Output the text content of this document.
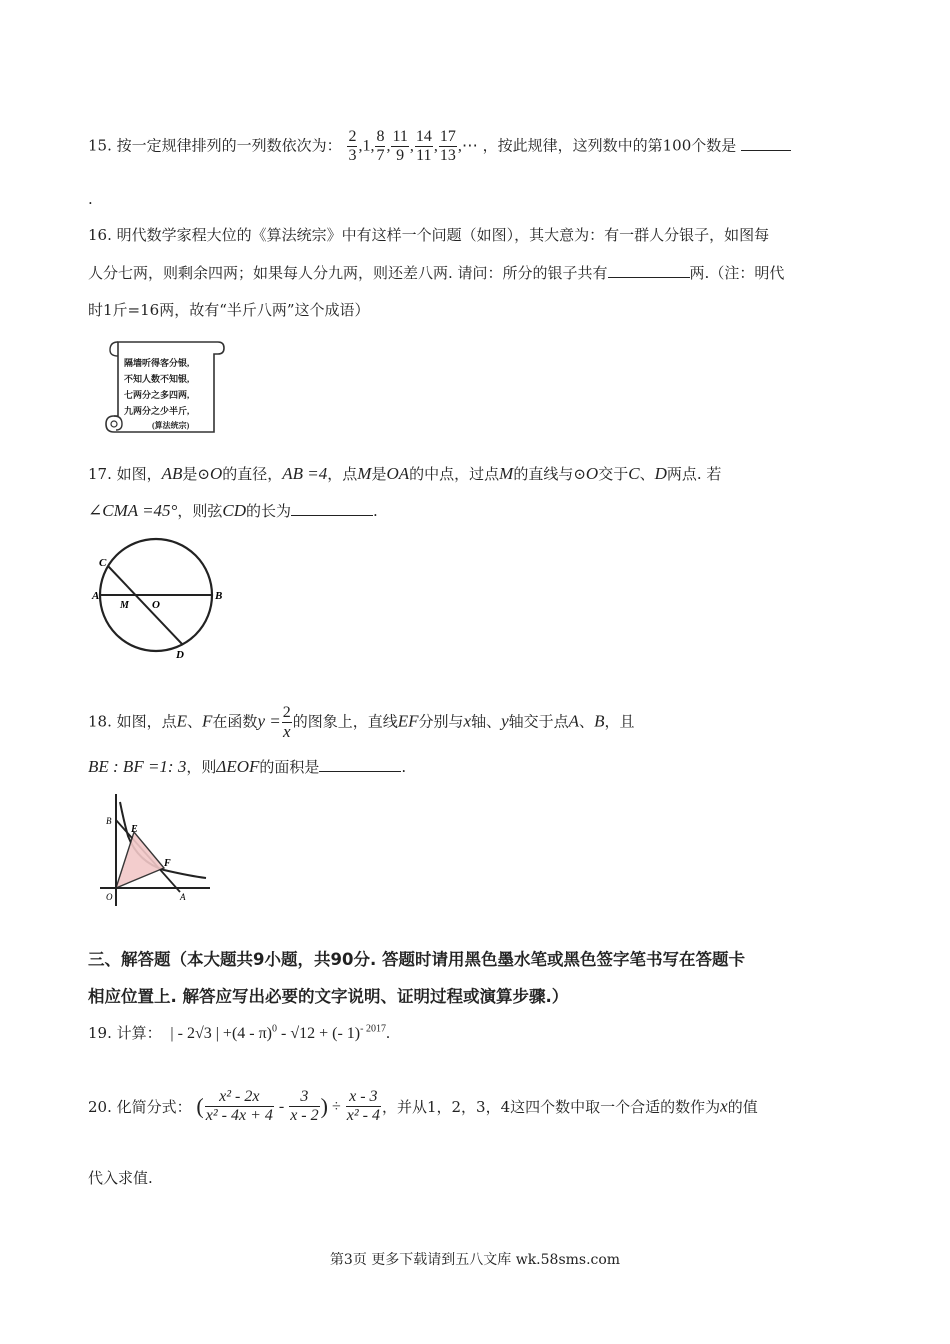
15. 按一定规律排列的一列数依次为： $\frac{2}{3} ,1$, $\frac{8}{7}$ , $\frac{11}{9}$ , $\frac{14}{11}$ , $\frac{17}{13}$ ,⋯ ，按此规律，这列数中的第100个数是
.
16. 明代数学家程大位的《算法统宗》中有这样一个问题（如图），其大意为：有一群人分银子，如图每
人分七两，则剩余四两；如果每人分九两，则还差八两. 请问：所分的银子共有	两.（注：明代
时1斤=16两，故有“半斤八两”这个成语）
隔墙听得客分银,
不知人数不知银,
七两分之多四两,
九两分之少半斤,
(算法统宗)
17. 如图，AB是⊙O的直径，AB =4，点M是OA的中点，过点M的直线与⊙O交于C、D两点. 若
∠CMA =45°，则弦CD的长为	.
C
A
M O
B
D
18. 如图，点E、F在函数$y = \frac{2}{x}$ 的图象上，直线EF分别与x轴、y轴交于点A、B，且
BE : BF =1: 3，则ΔEOF的面积是	.
B
E
F
O	A
三、解答题（本大题共9小题，共90分. 答题时请用黑色墨水笔或黑色签字笔书写在答题卡
相应位置上. 解答应写出必要的文字说明、证明过程或演算步骤.）
19. 计算： | - 2√3 | +(4 - π)$^0$ - √12 + (- 1)$^{- 2017}$.
20. 化简分式： ( $\frac{\text{x² - 2x}}{\text{x² - 4x + 4}} - \frac{3}{x - 2}$ ) ÷ $\frac{x - 3}{\text{x² - 4}}$ ，并从1，2，3，4这四个数中取一个合适的数作为x的值
代入求值.
第3页 更多下载请到五八文库 wk.58sms.com
